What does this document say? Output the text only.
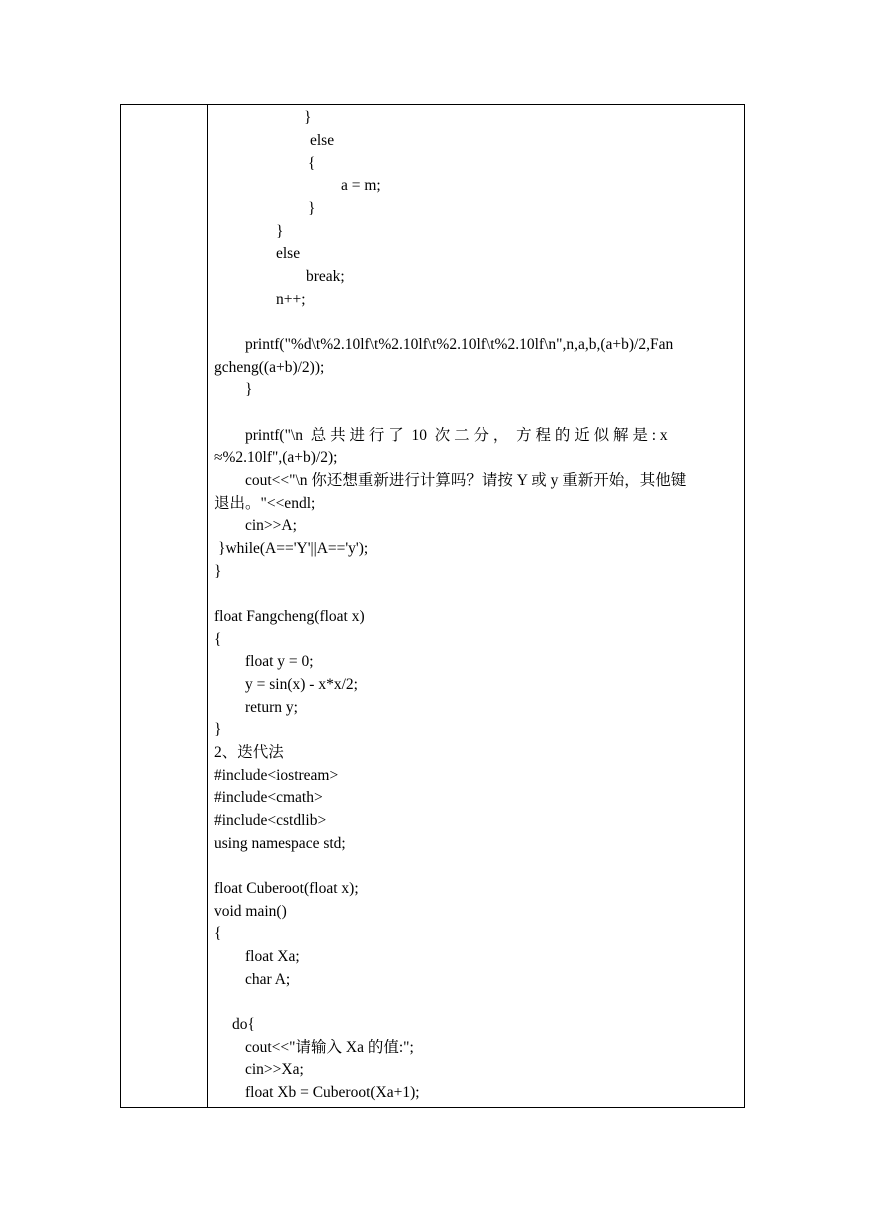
}
else
{
a = m;
}
}
else
break;
n++;
printf("%d\t%2.10lf\t%2.10lf\t%2.10lf\t%2.10lf\n",n,a,b,(a+b)/2,Fan
gcheng((a+b)/2));
}
printf("\n  总 共 进 行 了  10  次 二 分 ，  方 程 的 近 似 解 是 : x
≈%2.10lf",(a+b)/2);
cout<<"\n 你还想重新进行计算吗？请按 Y 或 y 重新开始，其他键
退出。"<<endl;
cin>>A;
}while(A=='Y'||A=='y');
}
float Fangcheng(float x)
{
float y = 0;
y = sin(x) - x*x/2;
return y;
}
2、迭代法
#include<iostream>
#include<cmath>
#include<cstdlib>
using namespace std;
float Cuberoot(float x);
void main()
{
float Xa;
char A;
do{
cout<<"请输入 Xa 的值:";
cin>>Xa;
float Xb = Cuberoot(Xa+1);
